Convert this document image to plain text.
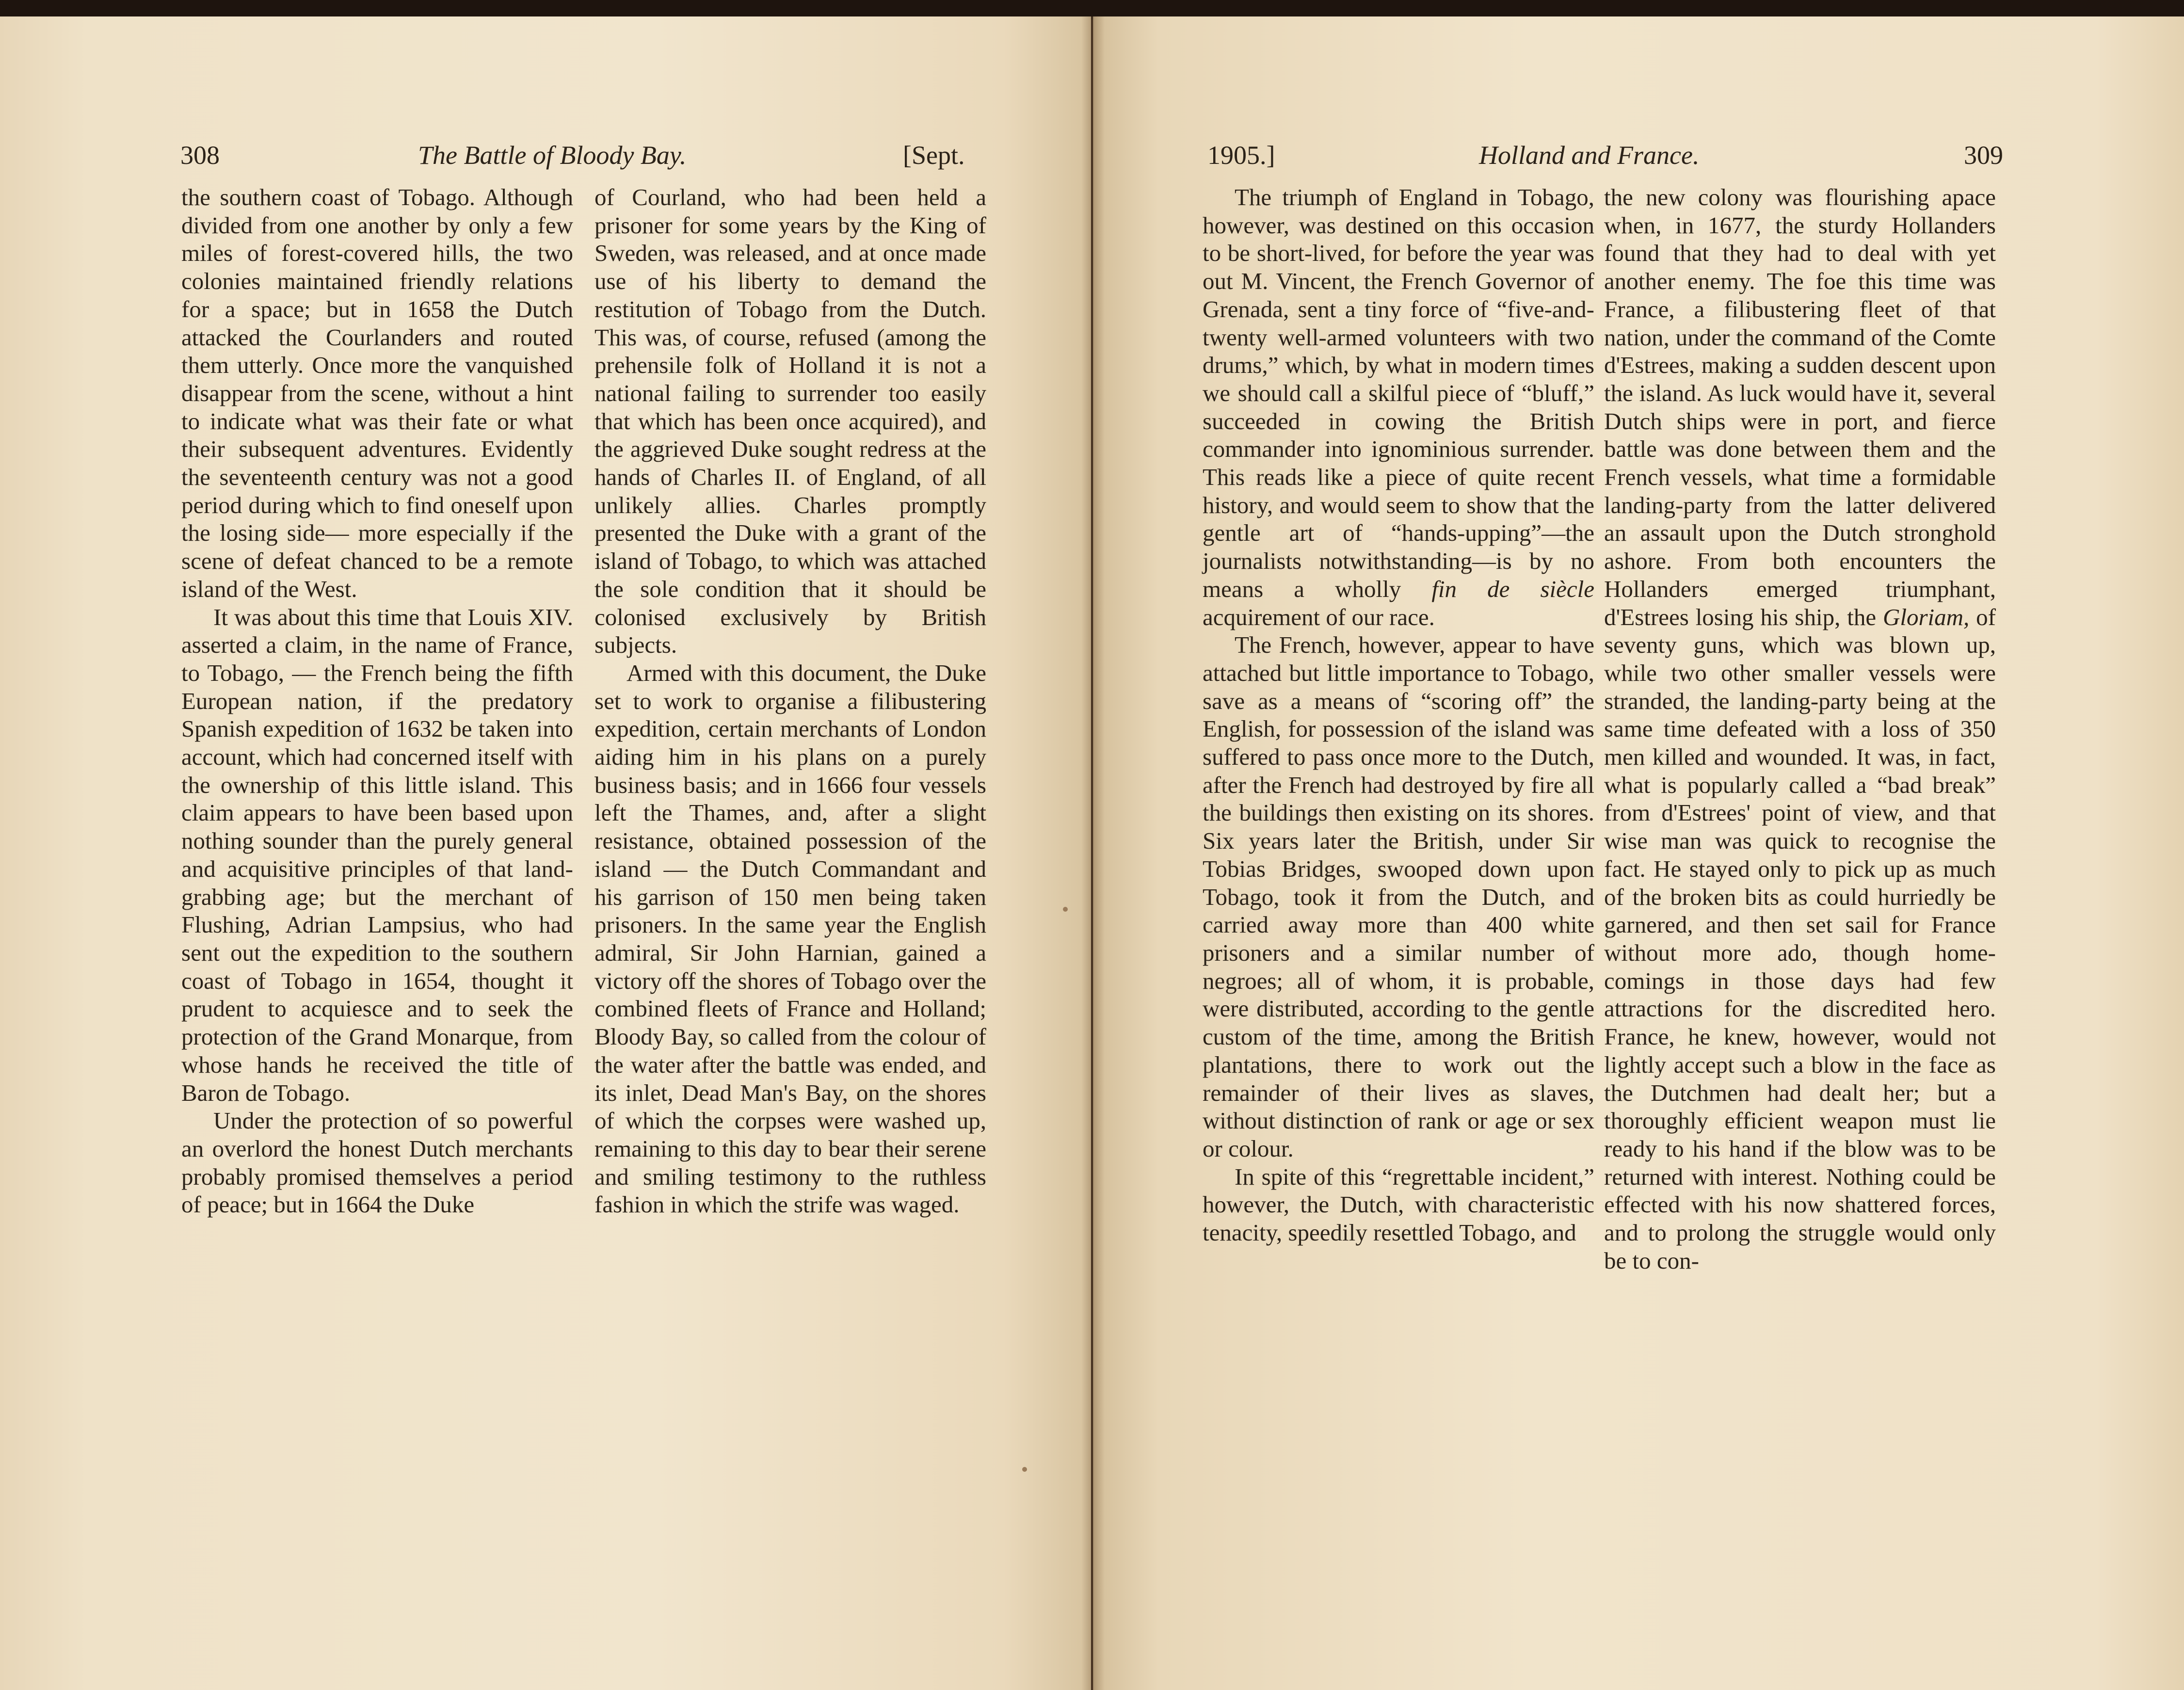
308	The Battle of Bloody Bay.	[Sept.

the southern coast of Tobago. Although divided from one another by only a few miles of forest-covered hills, the two colonies maintained friendly relations for a space; but in 1658 the Dutch attacked the Courlanders and routed them utterly. Once more the vanquished disappear from the scene, without a hint to indicate what was their fate or what their subsequent adventures. Evidently the seventeenth century was not a good period during which to find oneself upon the losing side— more especially if the scene of defeat chanced to be a remote island of the West.

It was about this time that Louis XIV. asserted a claim, in the name of France, to Tobago, — the French being the fifth European nation, if the predatory Spanish expedition of 1632 be taken into account, which had concerned itself with the ownership of this little island. This claim appears to have been based upon nothing sounder than the purely general and acquisitive principles of that land-grabbing age; but the merchant of Flushing, Adrian Lampsius, who had sent out the expedition to the southern coast of Tobago in 1654, thought it prudent to acquiesce and to seek the protection of the Grand Monarque, from whose hands he received the title of Baron de Tobago.

Under the protection of so powerful an overlord the honest Dutch merchants probably promised themselves a period of peace; but in 1664 the Duke

of Courland, who had been held a prisoner for some years by the King of Sweden, was released, and at once made use of his liberty to demand the restitution of Tobago from the Dutch. This was, of course, refused (among the prehensile folk of Holland it is not a national failing to surrender too easily that which has been once acquired), and the aggrieved Duke sought redress at the hands of Charles II. of England, of all unlikely allies. Charles promptly presented the Duke with a grant of the island of Tobago, to which was attached the sole condition that it should be colonised exclusively by British subjects.

Armed with this document, the Duke set to work to organise a filibustering expedition, certain merchants of London aiding him in his plans on a purely business basis; and in 1666 four vessels left the Thames, and, after a slight resistance, obtained possession of the island — the Dutch Commandant and his garrison of 150 men being taken prisoners. In the same year the English admiral, Sir John Harnian, gained a victory off the shores of Tobago over the combined fleets of France and Holland; Bloody Bay, so called from the colour of the water after the battle was ended, and its inlet, Dead Man's Bay, on the shores of which the corpses were washed up, remaining to this day to bear their serene and smiling testimony to the ruthless fashion in which the strife was waged.

1905.]	Holland and France.	309

The triumph of England in Tobago, however, was destined on this occasion to be short-lived, for before the year was out M. Vincent, the French Governor of Grenada, sent a tiny force of “five-and-twenty well-armed volunteers with two drums,” which, by what in modern times we should call a skilful piece of “bluff,” succeeded in cowing the British commander into ignominious surrender. This reads like a piece of quite recent history, and would seem to show that the gentle art of “hands-upping”—the journalists notwithstanding—is by no means a wholly fin de siècle acquirement of our race.

The French, however, appear to have attached but little importance to Tobago, save as a means of “scoring off” the English, for possession of the island was suffered to pass once more to the Dutch, after the French had destroyed by fire all the buildings then existing on its shores. Six years later the British, under Sir Tobias Bridges, swooped down upon Tobago, took it from the Dutch, and carried away more than 400 white prisoners and a similar number of negroes; all of whom, it is probable, were distributed, according to the gentle custom of the time, among the British plantations, there to work out the remainder of their lives as slaves, without distinction of rank or age or sex or colour.

In spite of this “regrettable incident,” however, the Dutch, with characteristic tenacity, speedily resettled Tobago, and

the new colony was flourishing apace when, in 1677, the sturdy Hollanders found that they had to deal with yet another enemy. The foe this time was France, a filibustering fleet of that nation, under the command of the Comte d'Estrees, making a sudden descent upon the island. As luck would have it, several Dutch ships were in port, and fierce battle was done between them and the French vessels, what time a formidable landing-party from the latter delivered an assault upon the Dutch stronghold ashore. From both encounters the Hollanders emerged triumphant, d'Estrees losing his ship, the Gloriam, of seventy guns, which was blown up, while two other smaller vessels were stranded, the landing-party being at the same time defeated with a loss of 350 men killed and wounded. It was, in fact, what is popularly called a “bad break” from d'Estrees' point of view, and that wise man was quick to recognise the fact. He stayed only to pick up as much of the broken bits as could hurriedly be garnered, and then set sail for France without more ado, though home-comings in those days had few attractions for the discredited hero. France, he knew, however, would not lightly accept such a blow in the face as the Dutchmen had dealt her; but a thoroughly efficient weapon must lie ready to his hand if the blow was to be returned with interest. Nothing could be effected with his now shattered forces, and to prolong the struggle would only be to con-
